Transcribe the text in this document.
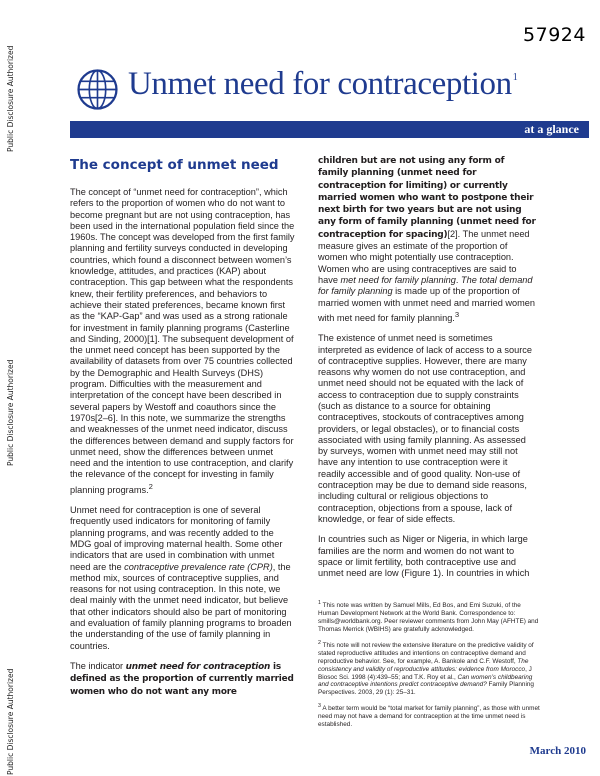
Public Disclosure Authorized
Public Disclosure Authorized
Public Disclosure Authorized
57924
Unmet need for contraception$^1$
at a glance
The concept of unmet need

The concept of “unmet need for contraception”, which refers to the proportion of women who do not want to become pregnant but are not using contraception, has been used in the international population field since the 1960s. The concept was developed from the first family planning and fertility surveys conducted in developing countries, which found a disconnect between women’s knowledge, attitudes, and practices (KAP) about contraception. This gap between what the respondents knew, their fertility preferences, and behaviors to achieve their stated preferences, became known first as the “KAP-Gap” and was used as a strong rationale for investment in family planning programs (Casterline and Sinding, 2000)[1]. The subsequent development of the unmet need concept has been supported by the availability of datasets from over 75 countries collected by the Demographic and Health Surveys (DHS) program. Difficulties with the measurement and interpretation of the concept have been described in several papers by Westoff and coauthors since the 1970s[2–6]. In this note, we summarize the strengths and weaknesses of the unmet need indicator, discuss the differences between demand and supply factors for unmet need, show the differences between unmet need and the intention to use contraception, and clarify the relevance of the concept for investing in family planning programs.$^2$

Unmet need for contraception is one of several frequently used indicators for monitoring of family planning programs, and was recently added to the MDG goal of improving maternal health. Some other indicators that are used in combination with unmet need are the contraceptive prevalence rate (CPR), the method mix, sources of contraceptive supplies, and reasons for not using contraception. In this note, we deal mainly with the unmet need indicator, but believe that other indicators should also be part of monitoring and evaluation of family planning programs to broaden the understanding of the use of family planning in countries.

The indicator unmet need for contraception is defined as the proportion of currently married women who do not want any more

children but are not using any form of family planning (unmet need for contraception for limiting) or currently married women who want to postpone their next birth for two years but are not using any form of family planning (unmet need for contraception for spacing)[2]. The unmet need measure gives an estimate of the proportion of women who might potentially use contraception. Women who are using contraceptives are said to have met need for family planning. The total demand for family planning is made up of the proportion of married women with unmet need and married women with met need for family planning.$^3$

The existence of unmet need is sometimes interpreted as evidence of lack of access to a source of contraceptive supplies. However, there are many reasons why women do not use contraception, and unmet need should not be equated with the lack of access to contraception due to supply constraints (such as distance to a source for obtaining contraceptives, stockouts of contraceptives among providers, or legal obstacles), or to financial costs associated with using family planning. As assessed by surveys, women with unmet need may still not have any intention to use contraception were it readily accessible and of good quality. Non-use of contraception may be due to demand side reasons, including cultural or religious objections to contraception, objections from a spouse, lack of knowledge, or fear of side effects.

In countries such as Niger or Nigeria, in which large families are the norm and women do not want to space or limit fertility, both contraceptive use and unmet need are low (Figure 1). In countries in which

$^1$ This note was written by Samuel Mills, Ed Bos, and Emi Suzuki, of the Human Development Network at the World Bank. Correspondence to: smills@worldbank.org. Peer reviewer comments from John May (AFHTE) and Thomas Merrick (WBIHS) are gratefully acknowledged.
$^2$ This note will not review the extensive literature on the predictive validity of stated reproductive attitudes and intentions on contraceptive demand and reproductive behavior. See, for example, A. Bankole and C.F. Westoff, The consistency and validity of reproductive attitudes: evidence from Morocco, J Biosoc Sci. 1998 (4):439–55; and T.K. Roy et al., Can women’s childbearing and contraceptive intentions predict contraceptive demand? Family Planning Perspectives. 2003, 29 (1): 25–31.
$^3$ A better term would be “total market for family planning”, as those with unmet need may not have a demand for contraception at the time unmet need is established.
March 2010
